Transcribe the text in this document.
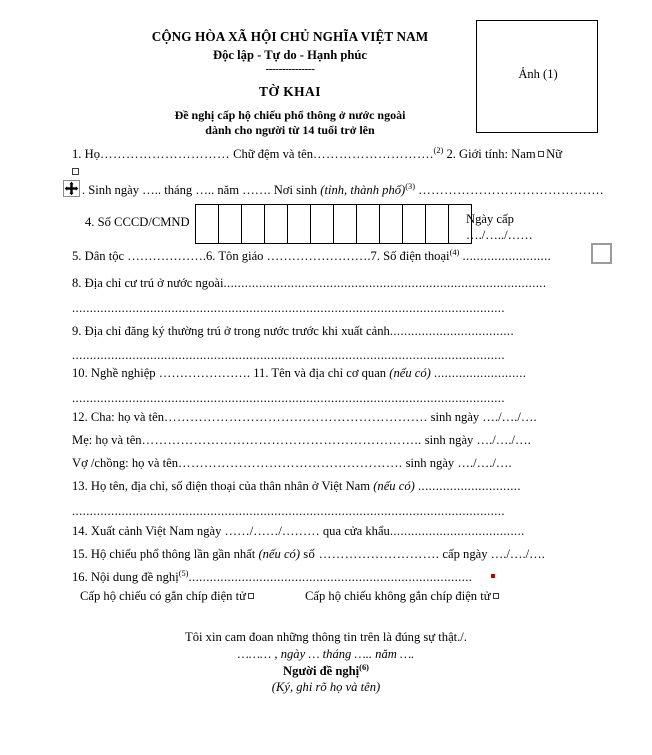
CỘNG HÒA XÃ HỘI CHỦ NGHĨA VIỆT NAM
Độc lập - Tự do - Hạnh phúc
---------------
TỜ KHAI
Đề nghị cấp hộ chiếu phổ thông ở nước ngoài
dành cho người từ 14 tuổi trở lên
Ảnh (1)
1. Họ………………………… Chữ đệm và tên……………………….$^{(2)}$ 2. Giới tính: Nam Nữ
. Sinh ngày ….. tháng ….. năm ……. Nơi sinh (tỉnh, thành phố)$^{(3)}$ …………………………………….
4. Số CCCD/CMND	Ngày cấp
…./…../……
5. Dân tộc ……………….6. Tôn giáo …………………….7. Số điện thoại$^{(4)}$ .........................
8. Địa chỉ cư trú ở nước ngoài...........................................................................................
..........................................................................................................................
9. Địa chỉ đăng ký thường trú ở trong nước trước khi xuất cảnh...................................
..........................................................................................................................
10. Nghề nghiệp …………………. 11. Tên và địa chỉ cơ quan (nếu có) ..........................
..........................................................................................................................
12. Cha: họ và tên……………………………………………………. sinh ngày …./…./….
Mẹ: họ và tên……………………………………………………….. sinh ngày …./…./….
Vợ /chồng: họ và tên……………………………………………. sinh ngày …./…./….
13. Họ tên, địa chỉ, số điện thoại của thân nhân ở Việt Nam (nếu có) .............................
..........................................................................................................................
14. Xuất cảnh Việt Nam ngày ……/……/……… qua cửa khẩu......................................
15. Hộ chiếu phổ thông lần gần nhất (nếu có) số ………………………. cấp ngày …./…./….
16. Nội dung đề nghị$^{(5)}$................................................................................
Cấp hộ chiếu có gắn chíp điện tử	Cấp hộ chiếu không gắn chíp điện tử
Tôi xin cam đoan những thông tin trên là đúng sự thật./.
……… , ngày … tháng ….. năm ….
Người đề nghị$^{(6)}$
(Ký, ghi rõ họ và tên)
